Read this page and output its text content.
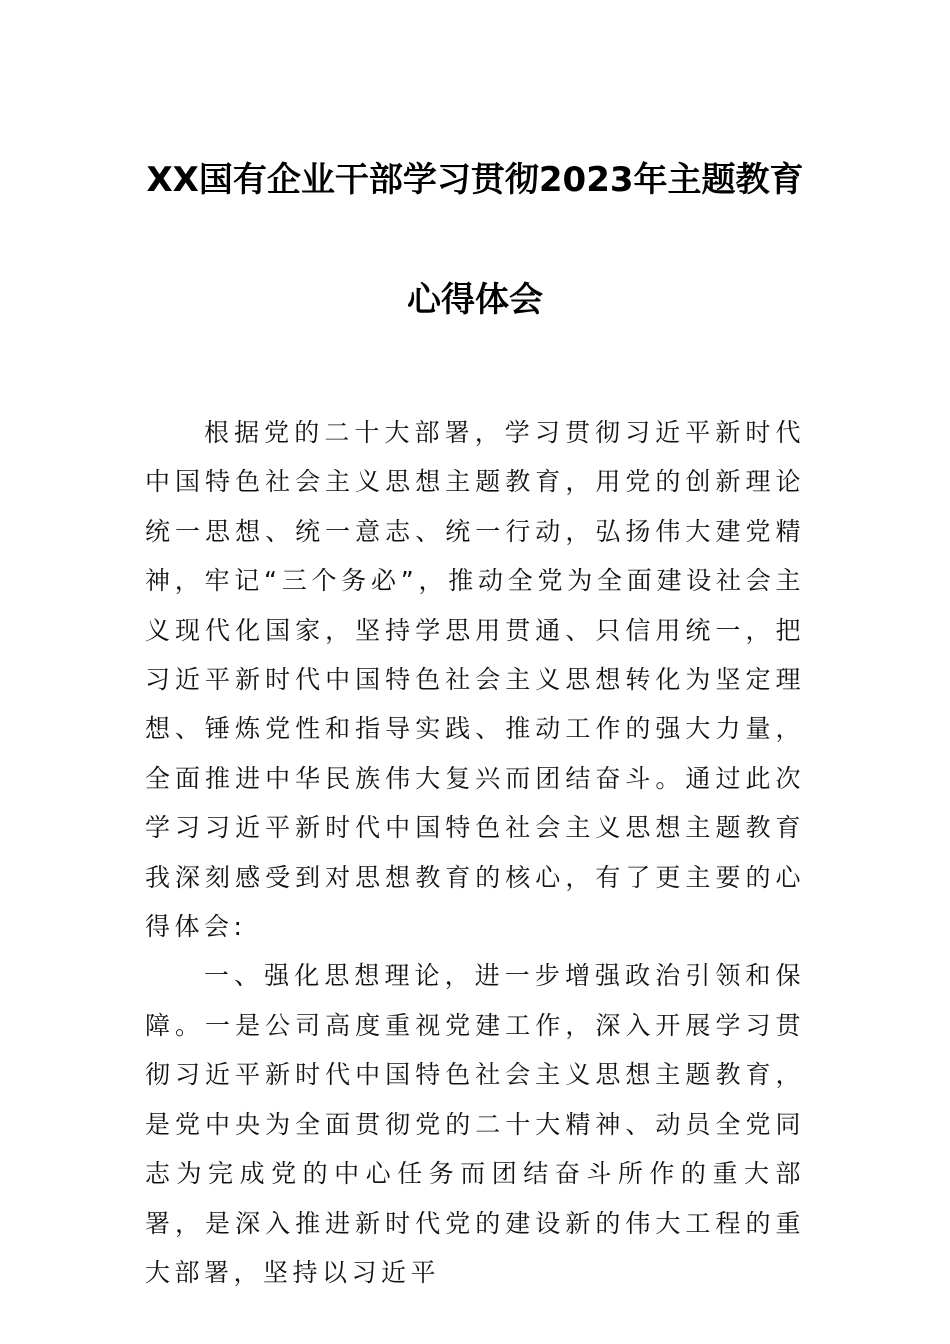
XX国有企业干部学习贯彻2023年主题教育
心得体会

根据党的二十大部署，学习贯彻习近平新时代中国特色社会主义思想主题教育，用党的创新理论统一思想、统一意志、统一行动，弘扬伟大建党精神，牢记“三个务必”，推动全党为全面建设社会主义现代化国家，坚持学思用贯通、只信用统一，把习近平新时代中国特色社会主义思想转化为坚定理想、锤炼党性和指导实践、推动工作的强大力量，全面推进中华民族伟大复兴而团结奋斗。通过此次学习习近平新时代中国特色社会主义思想主题教育我深刻感受到对思想教育的核心，有了更主要的心得体会:

一、强化思想理论，进一步增强政治引领和保障。一是公司高度重视党建工作，深入开展学习贯彻习近平新时代中国特色社会主义思想主题教育，是党中央为全面贯彻党的二十大精神、动员全党同志为完成党的中心任务而团结奋斗所作的重大部署，是深入推进新时代党的建设新的伟大工程的重大部署，坚持以习近平
